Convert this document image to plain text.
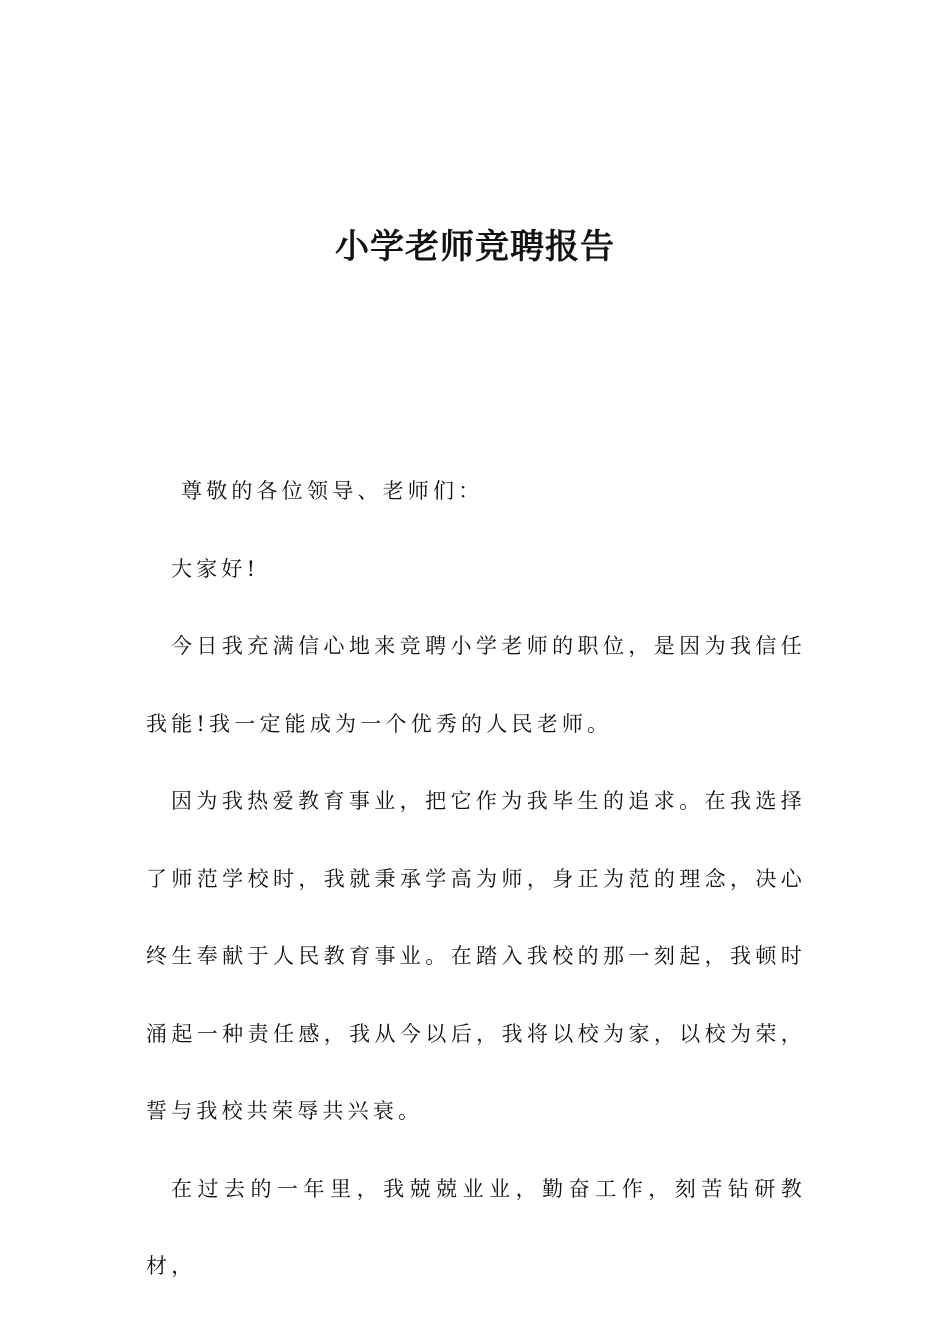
小学老师竞聘报告

尊敬的各位领导、老师们：

大家好!

今日我充满信心地来竞聘小学老师的职位，是因为我信任我能!我一定能成为一个优秀的人民老师。

因为我热爱教育事业，把它作为我毕生的追求。在我选择了师范学校时，我就秉承学高为师，身正为范的理念，决心终生奉献于人民教育事业。在踏入我校的那一刻起，我顿时涌起一种责任感，我从今以后，我将以校为家，以校为荣，誓与我校共荣辱共兴衰。

在过去的一年里，我兢兢业业，勤奋工作，刻苦钻研教材，
